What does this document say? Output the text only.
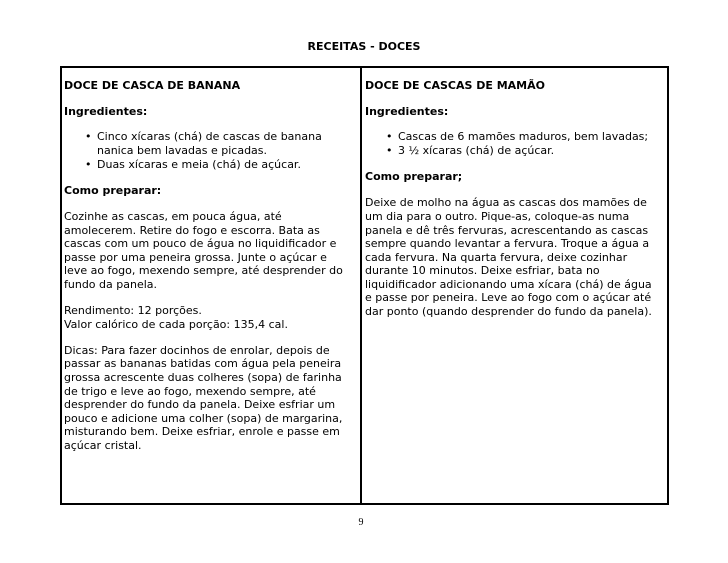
RECEITAS - DOCES
DOCE DE CASCA DE BANANA
Ingredientes:
•
Cinco xícaras (chá) de cascas de banana
nanica bem lavadas e picadas.
•
Duas xícaras e meia (chá) de açúcar.
Como preparar:
Cozinhe as cascas, em pouca água, até
amolecerem. Retire do fogo e escorra. Bata as
cascas com um pouco de água no liquidificador e
passe por uma peneira grossa. Junte o açúcar e
leve ao fogo, mexendo sempre, até desprender do
fundo da panela.
Rendimento: 12 porções.
Valor calórico de cada porção: 135,4 cal.
Dicas: Para fazer docinhos de enrolar, depois de
passar as bananas batidas com água pela peneira
grossa acrescente duas colheres (sopa) de farinha
de trigo e leve ao fogo, mexendo sempre, até
desprender do fundo da panela. Deixe esfriar um
pouco e adicione uma colher (sopa) de margarina,
misturando bem. Deixe esfriar, enrole e passe em
açúcar cristal.
DOCE DE CASCAS DE MAMÃO
Ingredientes:
•
Cascas de 6 mamões maduros, bem lavadas;
•
3 ½ xícaras (chá) de açúcar.
Como preparar;
Deixe de molho na água as cascas dos mamões de
um dia para o outro. Pique-as, coloque-as numa
panela e dê três fervuras, acrescentando as cascas
sempre quando levantar a fervura. Troque a água a
cada fervura. Na quarta fervura, deixe cozinhar
durante 10 minutos. Deixe esfriar, bata no
liquidificador adicionando uma xícara (chá) de água
e passe por peneira. Leve ao fogo com o açúcar até
dar ponto (quando desprender do fundo da panela).
9
